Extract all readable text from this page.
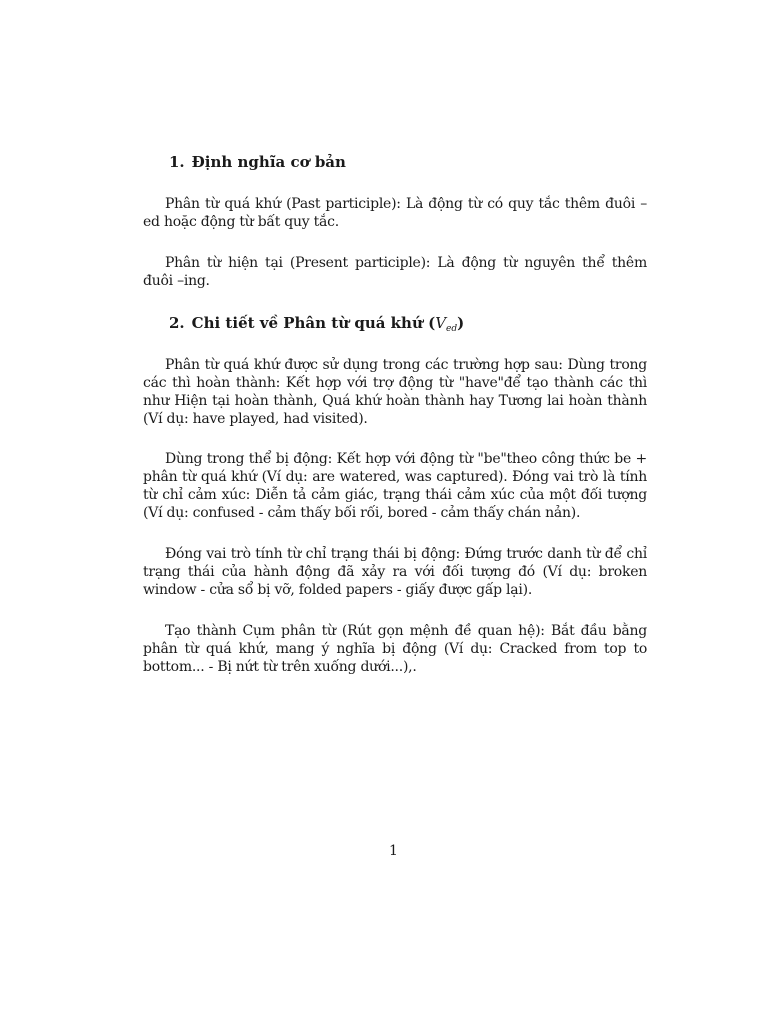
1. Định nghĩa cơ bản

Phân từ quá khứ (Past participle): Là động từ có quy tắc thêm đuôi –ed hoặc động từ bất quy tắc.

Phân từ hiện tại (Present participle): Là động từ nguyên thể thêm đuôi –ing.

2. Chi tiết về Phân từ quá khứ $(V_{ed})$

Phân từ quá khứ được sử dụng trong các trường hợp sau: Dùng trong các thì hoàn thành: Kết hợp với trợ động từ "have"để tạo thành các thì như Hiện tại hoàn thành, Quá khứ hoàn thành hay Tương lai hoàn thành (Ví dụ: have played, had visited).

Dùng trong thể bị động: Kết hợp với động từ "be"theo công thức be + phân từ quá khứ (Ví dụ: are watered, was captured). Đóng vai trò là tính từ chỉ cảm xúc: Diễn tả cảm giác, trạng thái cảm xúc của một đối tượng (Ví dụ: confused - cảm thấy bối rối, bored - cảm thấy chán nản).

Đóng vai trò tính từ chỉ trạng thái bị động: Đứng trước danh từ để chỉ trạng thái của hành động đã xảy ra với đối tượng đó (Ví dụ: broken window - cửa sổ bị vỡ, folded papers - giấy được gấp lại).

Tạo thành Cụm phân từ (Rút gọn mệnh đề quan hệ): Bắt đầu bằng phân từ quá khứ, mang ý nghĩa bị động (Ví dụ: Cracked from top to bottom... - Bị nứt từ trên xuống dưới...),.

1
